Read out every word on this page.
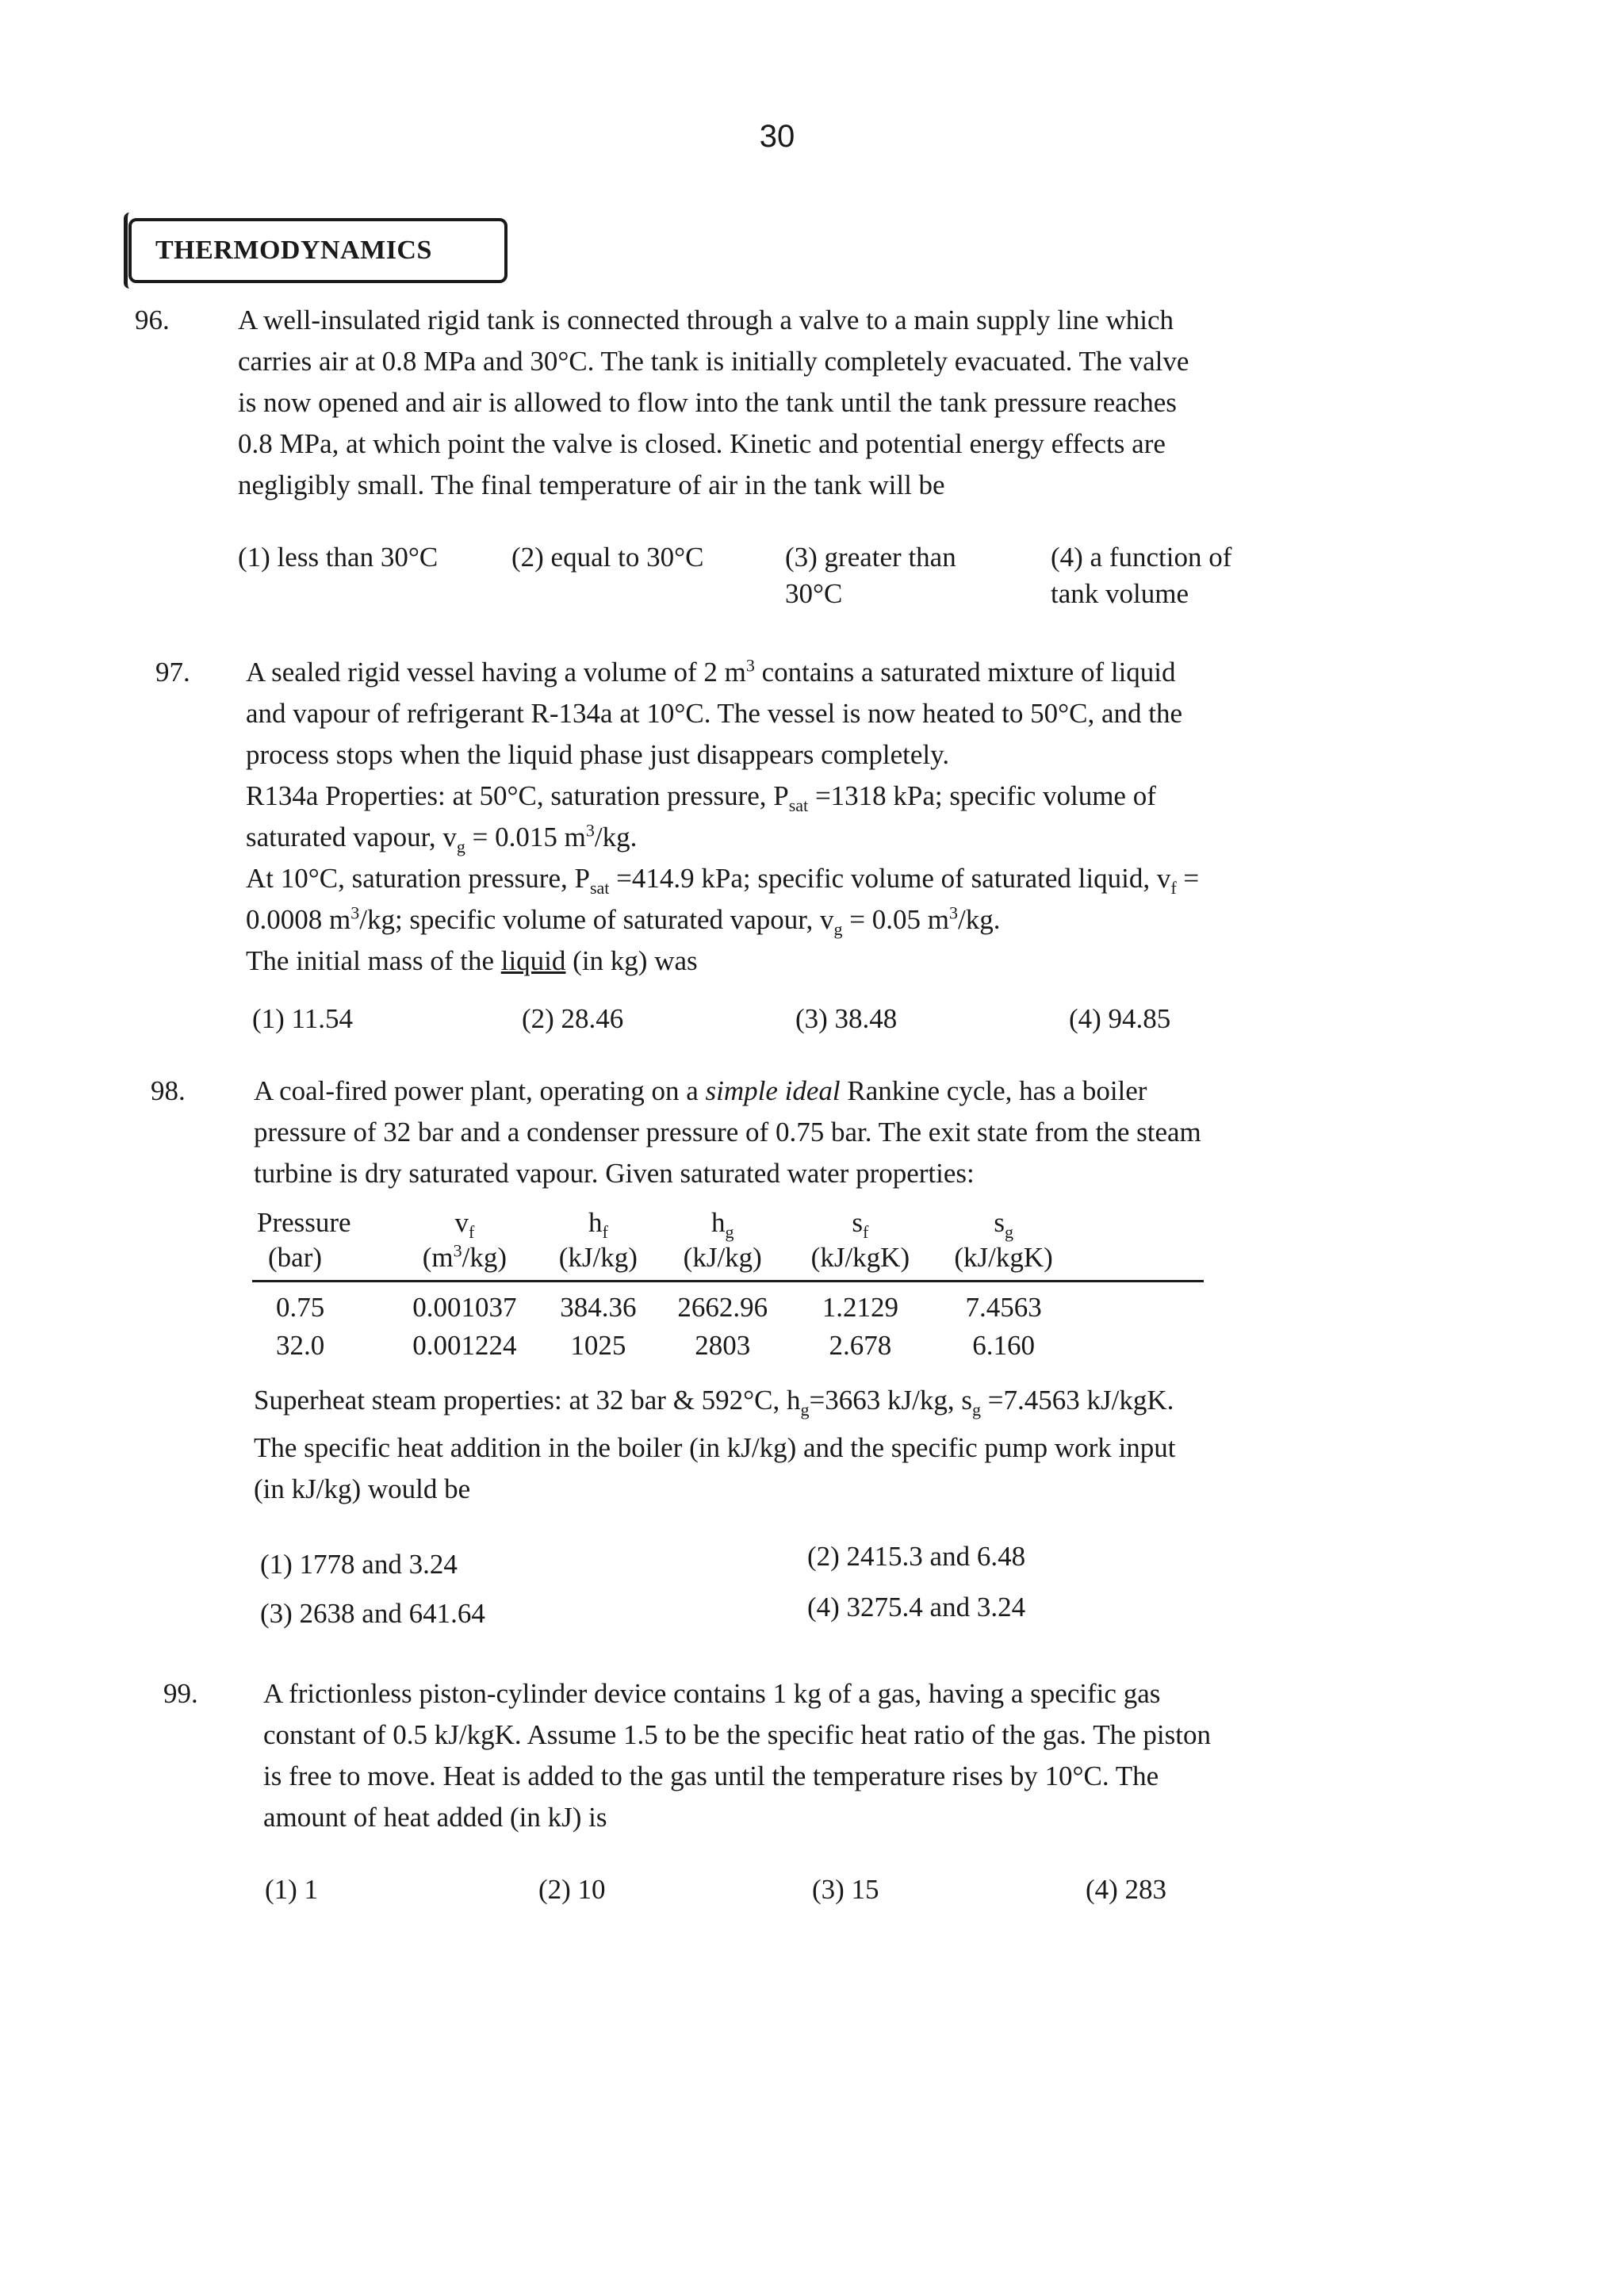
30
THERMODYNAMICS
96. A well-insulated rigid tank is connected through a valve to a main supply line which
carries air at 0.8 MPa and 30°C. The tank is initially completely evacuated. The valve
is now opened and air is allowed to flow into the tank until the tank pressure reaches
0.8 MPa, at which point the valve is closed. Kinetic and potential energy effects are
negligibly small. The final temperature of air in the tank will be
(1) less than 30°C	(2) equal to 30°C	(3) greater than 30°C
(4) a function of tank volume
97. A sealed rigid vessel having a volume of 2 $m^3$ contains a saturated mixture of liquid
and vapour of refrigerant R-134a at 10°C. The vessel is now heated to 50°C, and the
process stops when the liquid phase just disappears completely.
R134a Properties: at 50°C, saturation pressure, $P_{sat} =1318$ kPa; specific volume of
saturated vapour, $v_g = 0.015$ $m^3/kg$.
At 10°C, saturation pressure, $P_{sat} =414.9$ kPa; specific volume of saturated liquid, $v_f$ =
0.0008 $m^3/kg$; specific volume of saturated vapour, $v_g = 0.05$ $m^3/kg$.
The initial mass of the liquid (in kg) was
(1) 11.54	(2) 28.46	(3) 38.48	(4) 94.85
98. A coal-fired power plant, operating on a simple ideal Rankine cycle, has a boiler
pressure of 32 bar and a condenser pressure of 0.75 bar. The exit state from the steam
turbine is dry saturated vapour. Given saturated water properties:
Pressure	$v_f$	$h_f$	$h_g$	$s_f$	$s_g$	
(bar)	$(m^3/kg)$	(kJ/kg)	(kJ/kg)	(kJ/kgK)	(kJ/kgK)	
0.75	0.001037	384.36	2662.96	1.2129	7.4563	
32.0	0.001224	1025	2803	2.678	6.160	
Superheat steam properties: at 32 bar & 592°C, $h_g=3663$ kJ/kg, $s_g =7.4563$ kJ/kgK.
The specific heat addition in the boiler (in kJ/kg) and the specific pump work input
(in kJ/kg) would be
(1) 1778 and 3.24	(2) 2415.3 and 6.48
(3) 2638 and 641.64	(4) 3275.4 and 3.24
99. A frictionless piston-cylinder device contains 1 kg of a gas, having a specific gas
constant of 0.5 kJ/kgK. Assume 1.5 to be the specific heat ratio of the gas. The piston
is free to move. Heat is added to the gas until the temperature rises by 10°C. The
amount of heat added (in kJ) is
(1) 1	(2) 10	(3) 15	(4) 283
